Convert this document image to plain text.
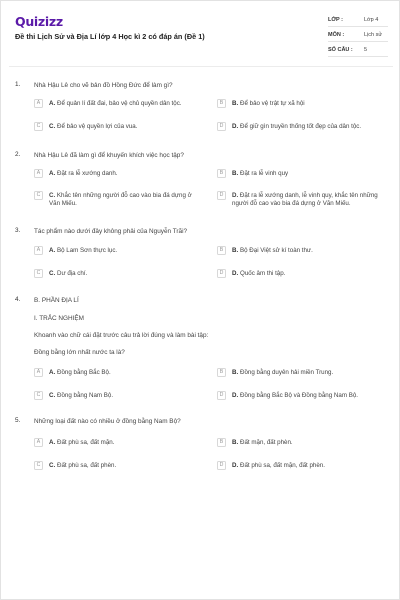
Quizizz
Đề thi Lịch Sử và Địa Lí lớp 4 Học kì 2 có đáp án (Đề 1)
LỚP :	Lớp 4
MÔN :	Lịch sử
SỐ CÂU : 5
1. Nhà Hậu Lê cho vẽ bản đồ Hồng Đức để làm gì?
A	A. Để quản lí đất đai, bảo vệ chủ quyền dân tộc.	B	B. Để bảo vệ trật tự xã hội
C	C. Để bảo vệ quyền lợi của vua.	D	D. Để giữ gìn truyền thống tốt đẹp của dân tộc.
2. Nhà Hậu Lê đã làm gì để khuyến khích việc học tập?
A	A. Đặt ra lễ xướng danh.	B	B. Đặt ra lễ vinh quy
C	C. Khắc tên những người đỗ cao vào bia đá dựng ở Văn Miếu.
D	D. Đặt ra lễ xướng danh, lễ vinh quy, khắc tên những người đỗ cao vào bia đá dựng ở Văn Miếu.
3. Tác phẩm nào dưới đây không phải của Nguyễn Trãi?
A	A. Bộ Lam Sơn thực lục.	B	B. Bộ Đại Việt sử kí toàn thư.
C	C. Dư địa chí.	D	D. Quốc âm thi tập.
4. B. PHẦN ĐỊA LÍ
I. TRẮC NGHIỆM
Khoanh vào chữ cái đặt trước câu trả lời đúng và làm bài tập:
Đồng bằng lớn nhất nước ta là?
A	A. Đồng bằng Bắc Bộ.	B	B. Đồng bằng duyên hải miền Trung.
C	C. Đồng bằng Nam Bộ.	D	D. Đồng bằng Bắc Bộ và Đồng bằng Nam Bộ.
5. Những loại đất nào có nhiều ở đồng bằng Nam Bộ?
A	A. Đất phù sa, đất mặn.	B	B. Đất mặn, đất phèn.
C	C. Đất phù sa, đất phèn.	D	D. Đất phù sa, đất mặn, đất phèn.
